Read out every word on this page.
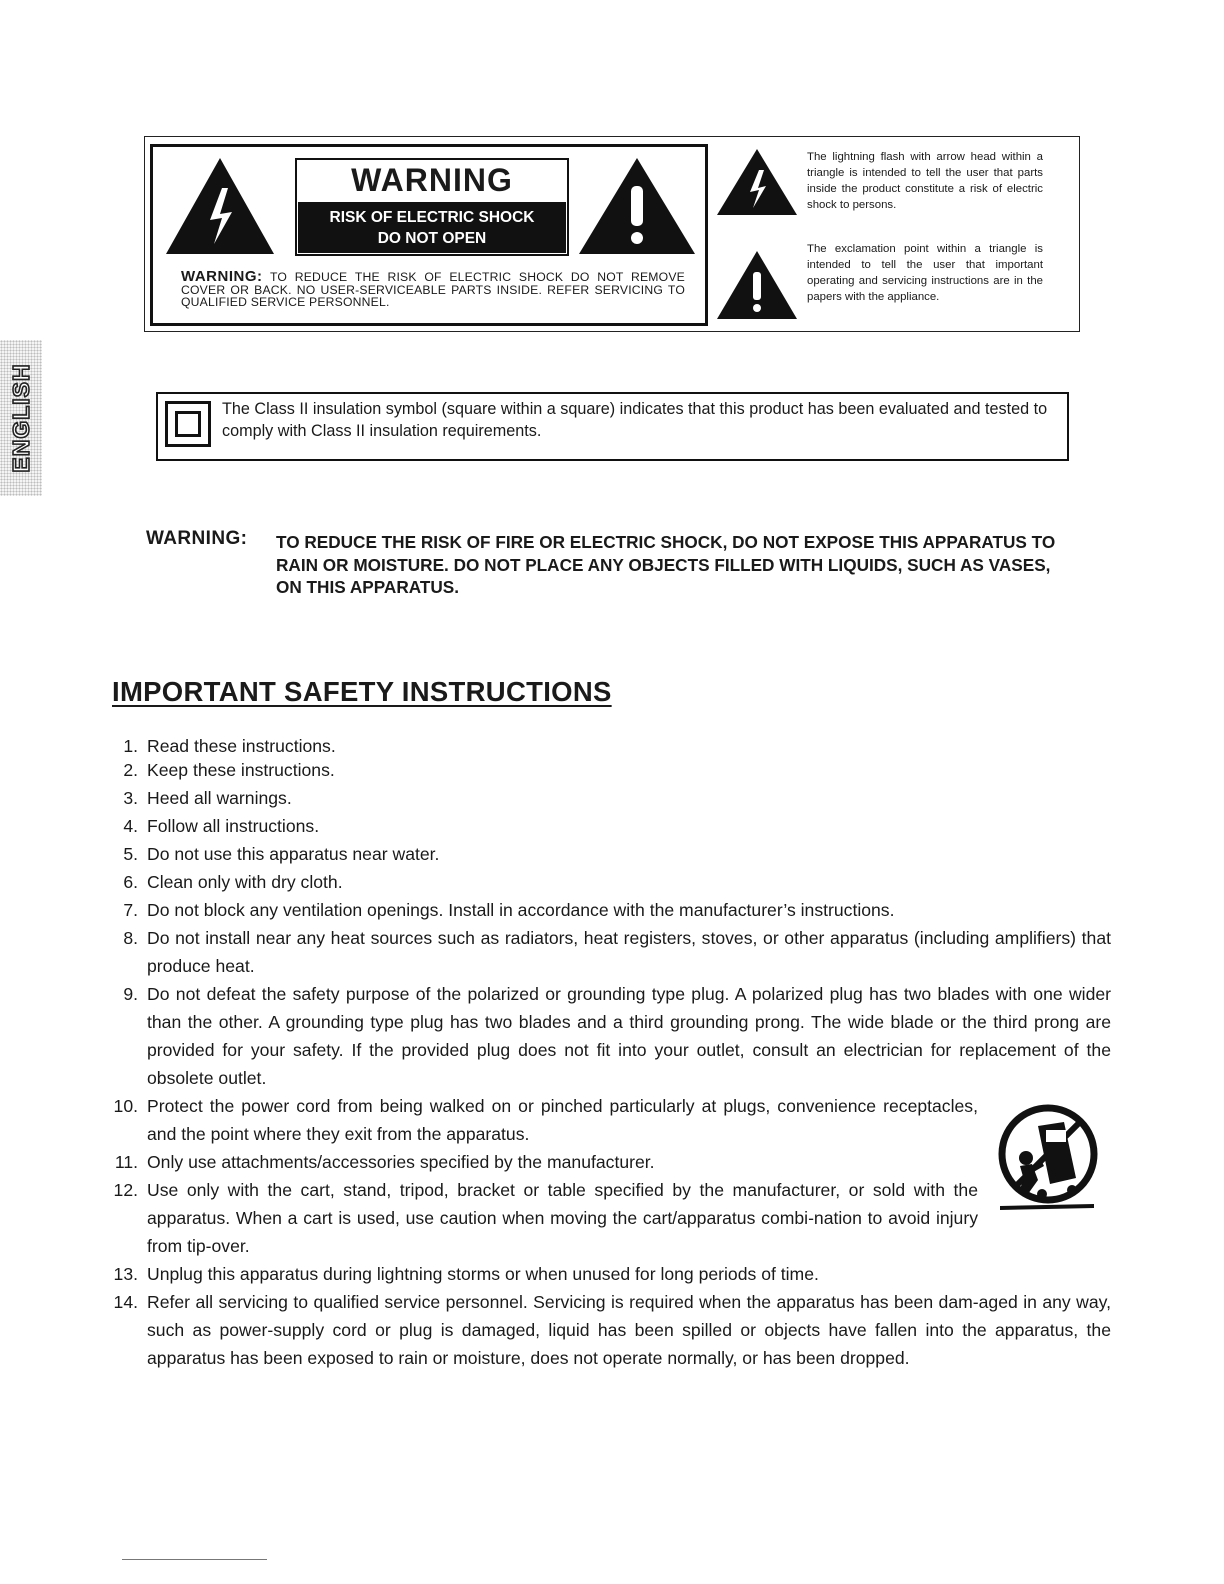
WARNING
RISK OF ELECTRIC SHOCK
DO NOT OPEN
WARNING: TO REDUCE THE RISK OF ELECTRIC SHOCK DO NOT REMOVE COVER OR BACK. NO USER-SERVICEABLE PARTS INSIDE. REFER SERVICING TO QUALIFIED SERVICE PERSONNEL.
The lightning flash with arrow head within a triangle is intended to tell the user that parts inside the product constitute a risk of electric shock to persons.
The exclamation point within a triangle is intended to tell the user that important operating and servicing instructions are in the papers with the appliance.
ENGLISH	The Class II insulation symbol (square within a square) indicates that this product has been evaluated and tested to comply with Class II insulation requirements.
WARNING: TO REDUCE THE RISK OF FIRE OR ELECTRIC SHOCK, DO NOT EXPOSE THIS APPARATUS TO RAIN OR MOISTURE. DO NOT PLACE ANY OBJECTS FILLED WITH LIQUIDS, SUCH AS VASES, ON THIS APPARATUS.
IMPORTANT SAFETY INSTRUCTIONS
1. Read these instructions.
2. Keep these instructions.
3. Heed all warnings.
4. Follow all instructions.
5. Do not use this apparatus near water.
6. Clean only with dry cloth.
7. Do not block any ventilation openings. Install in accordance with the manufacturer’s instructions.
8. Do not install near any heat sources such as radiators, heat registers, stoves, or other apparatus (including amplifiers) that produce heat.
9. Do not defeat the safety purpose of the polarized or grounding type plug. A polarized plug has two blades with one wider than the other. A grounding type plug has two blades and a third grounding prong. The wide blade or the third prong are provided for your safety. If the provided plug does not fit into your outlet, consult an electrician for replacement of the obsolete outlet.
10. Protect the power cord from being walked on or pinched particularly at plugs, convenience receptacles, and the point where they exit from the apparatus.
11. Only use attachments/accessories specified by the manufacturer.
12. Use only with the cart, stand, tripod, bracket or table specified by the manufacturer, or sold with the apparatus. When a cart is used, use caution when moving the cart/apparatus combi-nation to avoid injury from tip-over.
13. Unplug this apparatus during lightning storms or when unused for long periods of time.
14. Refer all servicing to qualified service personnel. Servicing is required when the apparatus has been dam-aged in any way, such as power-supply cord or plug is damaged, liquid has been spilled or objects have fallen into the apparatus, the apparatus has been exposed to rain or moisture, does not operate normally, or has been dropped.
